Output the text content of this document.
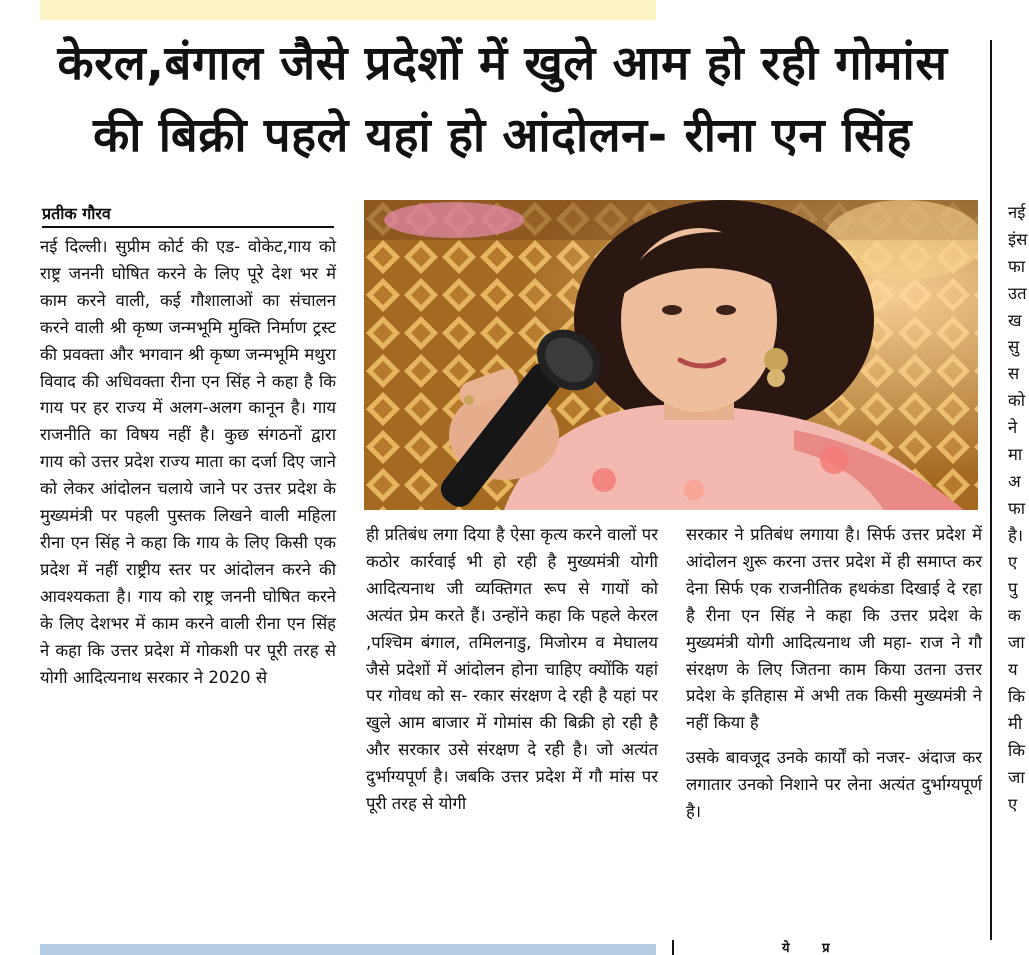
केरल,बंगाल जैसे प्रदेशों में खुले आम हो रही गोमांस
की बिक्री पहले यहां हो आंदोलन- रीना एन सिंह
प्रतीक गौरव

नई दिल्ली। सुप्रीम कोर्ट की एड- वोकेट,गाय को राष्ट्र जननी घोषित करने के लिए पूरे देश भर में काम करने वाली, कई गौशालाओं का संचालन करने वाली श्री कृष्ण जन्मभूमि मुक्ति निर्माण ट्रस्ट की प्रवक्ता और भगवान श्री कृष्ण जन्मभूमि मथुरा विवाद की अधिवक्ता रीना एन सिंह ने कहा है कि गाय पर हर राज्य में अलग-अलग कानून है। गाय राजनीति का विषय नहीं है। कुछ संगठनों द्वारा गाय को उत्तर प्रदेश राज्य माता का दर्जा दिए जाने को लेकर आंदोलन चलाये जाने पर उत्तर प्रदेश के मुख्यमंत्री पर पहली पुस्तक लिखने वाली महिला रीना एन सिंह ने कहा कि गाय के लिए किसी एक प्रदेश में नहीं राष्ट्रीय स्तर पर आंदोलन करने की आवश्यकता है। गाय को राष्ट्र जननी घोषित करने के लिए देशभर में काम करने वाली रीना एन सिंह ने कहा कि उत्तर प्रदेश में गोकशी पर पूरी तरह से योगी आदित्यनाथ सरकार ने 2020 से

ही प्रतिबंध लगा दिया है ऐसा कृत्य करने वालों पर कठोर कार्रवाई भी हो रही है मुख्यमंत्री योगी आदित्यनाथ जी व्यक्तिगत रूप से गायों को अत्यंत प्रेम करते हैं। उन्होंने कहा कि पहले केरल ,पश्चिम बंगाल, तमिलनाडु, मिजोरम व मेघालय जैसे प्रदेशों में आंदोलन होना चाहिए क्योंकि यहां पर गोवध को स- रकार संरक्षण दे रही है यहां पर खुले आम बाजार में गोमांस की बिक्री हो रही है और सरकार उसे संरक्षण दे रही है। जो अत्यंत दुर्भाग्यपूर्ण है। जबकि उत्तर प्रदेश में गौ मांस पर पूरी तरह से योगी

सरकार ने प्रतिबंध लगाया है। सिर्फ उत्तर प्रदेश में आंदोलन शुरू करना उत्तर प्रदेश में ही समाप्त कर देना सिर्फ एक राजनीतिक हथकंडा दिखाई दे रहा है रीना एन सिंह ने कहा कि उत्तर प्रदेश के मुख्यमंत्री योगी आदित्यनाथ जी महा- राज ने गौ संरक्षण के लिए जितना काम किया उतना उत्तर प्रदेश के इतिहास में अभी तक किसी मुख्यमंत्री ने नहीं किया है

उसके बावजूद उनके कार्यों को नजर- अंदाज कर लगातार उनको निशाने पर लेना अत्यंत दुर्भाग्यपूर्ण है।

नई
इंस
फा
उत
ख
सु
स
को
ने
मा
अ
फा
है।
ए
पु
क
जा
य
कि
मी
कि
जा
ए
ये प्र
